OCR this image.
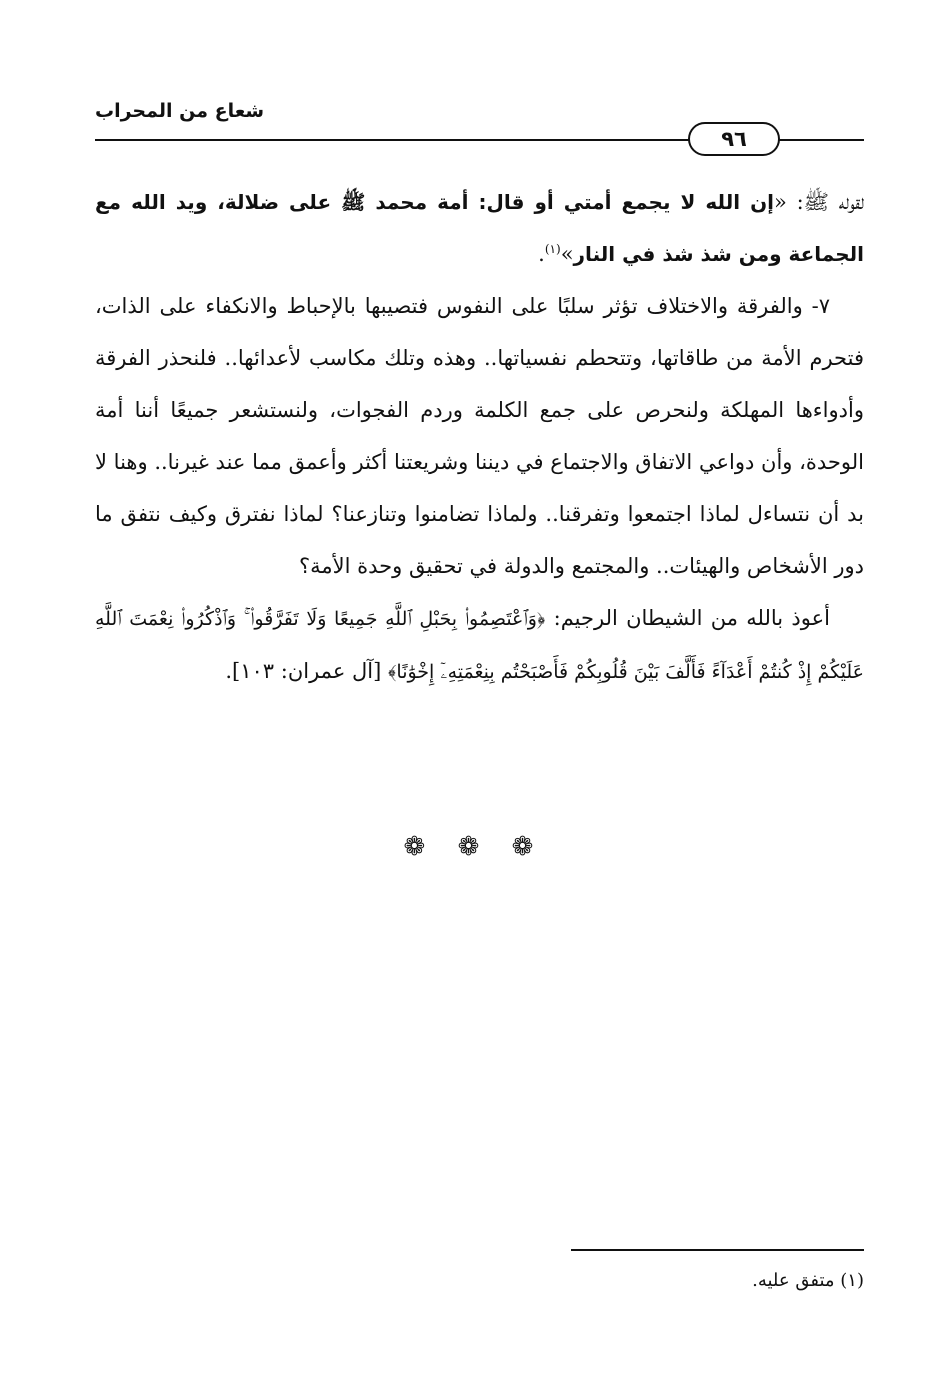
شعاع من المحراب
٩٦

لقوله ﷺ: «إن الله لا يجمع أمتي أو قال: أمة محمد ﷺ على ضلالة، ويد الله مع الجماعة ومن شذ شذ في النار»$^{(١)}$.

٧- والفرقة والاختلاف تؤثر سلبًا على النفوس فتصيبها بالإحباط والانكفاء على الذات، فتحرم الأمة من طاقاتها، وتتحطم نفسياتها.. وهذه وتلك مكاسب لأعدائها.. فلنحذر الفرقة وأدواءها المهلكة ولنحرص على جمع الكلمة وردم الفجوات، ولنستشعر جميعًا أننا أمة الوحدة، وأن دواعي الاتفاق والاجتماع في ديننا وشريعتنا أكثر وأعمق مما عند غيرنا.. وهنا لا بد أن نتساءل لماذا اجتمعوا وتفرقنا.. ولماذا تضامنوا وتنازعنا؟ لماذا نفترق وكيف نتفق ما دور الأشخاص والهيئات.. والمجتمع والدولة في تحقيق وحدة الأمة؟

أعوذ بالله من الشيطان الرجيم: ﴿وَٱعْتَصِمُوا۟ بِحَبْلِ ٱللَّهِ جَمِيعًا وَلَا تَفَرَّقُوا۟ ۚ وَٱذْكُرُوا۟ نِعْمَتَ ٱللَّهِ عَلَيْكُمْ إِذْ كُنتُمْ أَعْدَآءً فَأَلَّفَ بَيْنَ قُلُوبِكُمْ فَأَصْبَحْتُم بِنِعْمَتِهِۦٓ إِخْوَٰنًا﴾ [آل عمران: ١٠٣].

❁ ❁ ❁
(١) متفق عليه.
